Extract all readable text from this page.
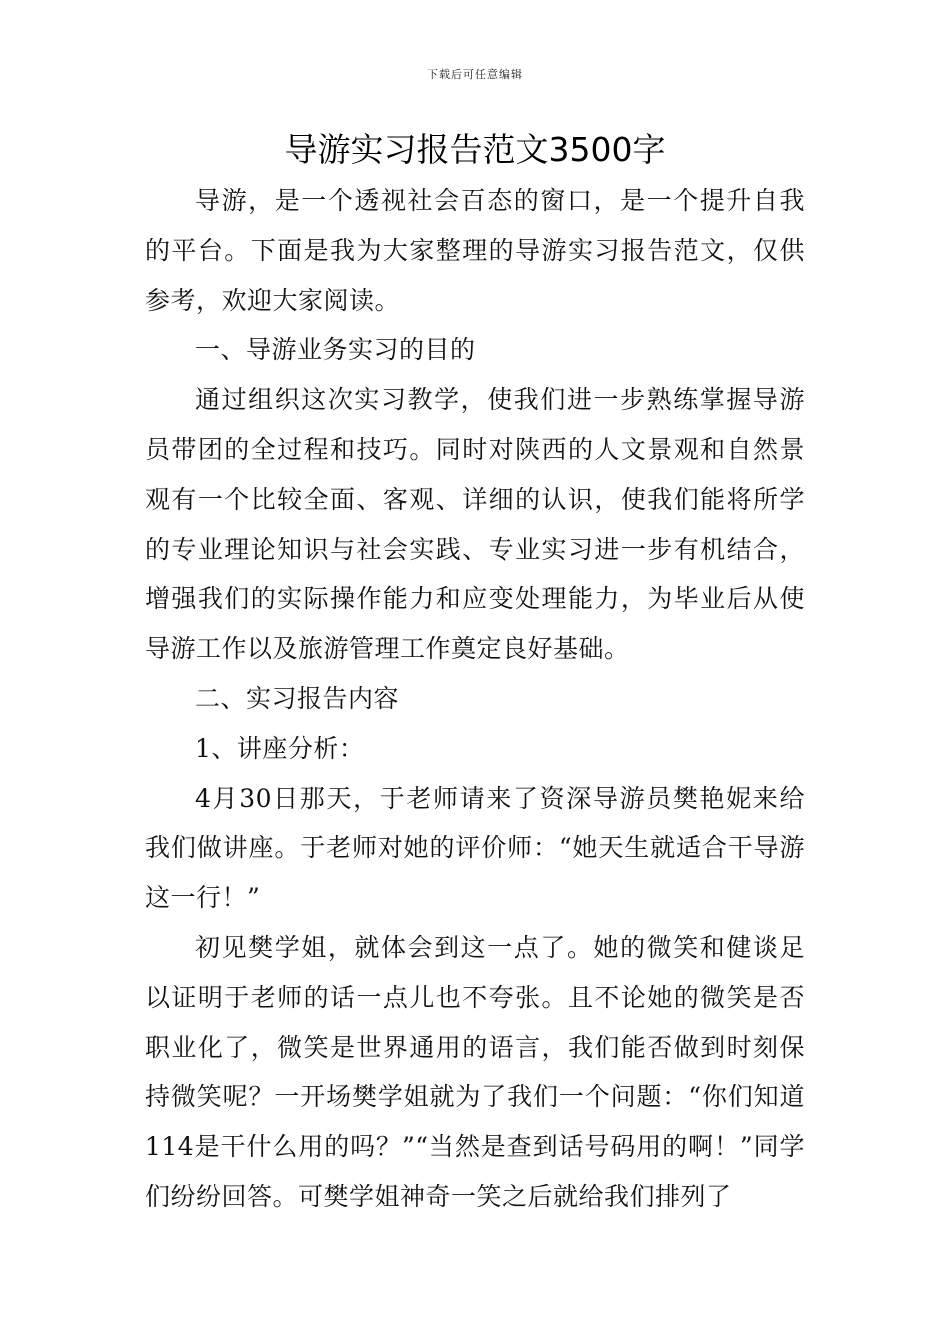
下载后可任意编辑
导游实习报告范文3500字

导游，是一个透视社会百态的窗口，是一个提升自我的平台。下面是我为大家整理的导游实习报告范文，仅供参考，欢迎大家阅读。

一、导游业务实习的目的

通过组织这次实习教学，使我们进一步熟练掌握导游员带团的全过程和技巧。同时对陕西的人文景观和自然景观有一个比较全面、客观、详细的认识，使我们能将所学的专业理论知识与社会实践、专业实习进一步有机结合，增强我们的实际操作能力和应变处理能力，为毕业后从使导游工作以及旅游管理工作奠定良好基础。

二、实习报告内容

1、讲座分析：

4月30日那天，于老师请来了资深导游员樊艳妮来给我们做讲座。于老师对她的评价师：“她天生就适合干导游这一行！”

初见樊学姐，就体会到这一点了。她的微笑和健谈足以证明于老师的话一点儿也不夸张。且不论她的微笑是否职业化了，微笑是世界通用的语言，我们能否做到时刻保持微笑呢？一开场樊学姐就为了我们一个问题：“你们知道114是干什么用的吗？”“当然是查到话号码用的啊！”同学们纷纷回答。可樊学姐神奇一笑之后就给我们排列了
